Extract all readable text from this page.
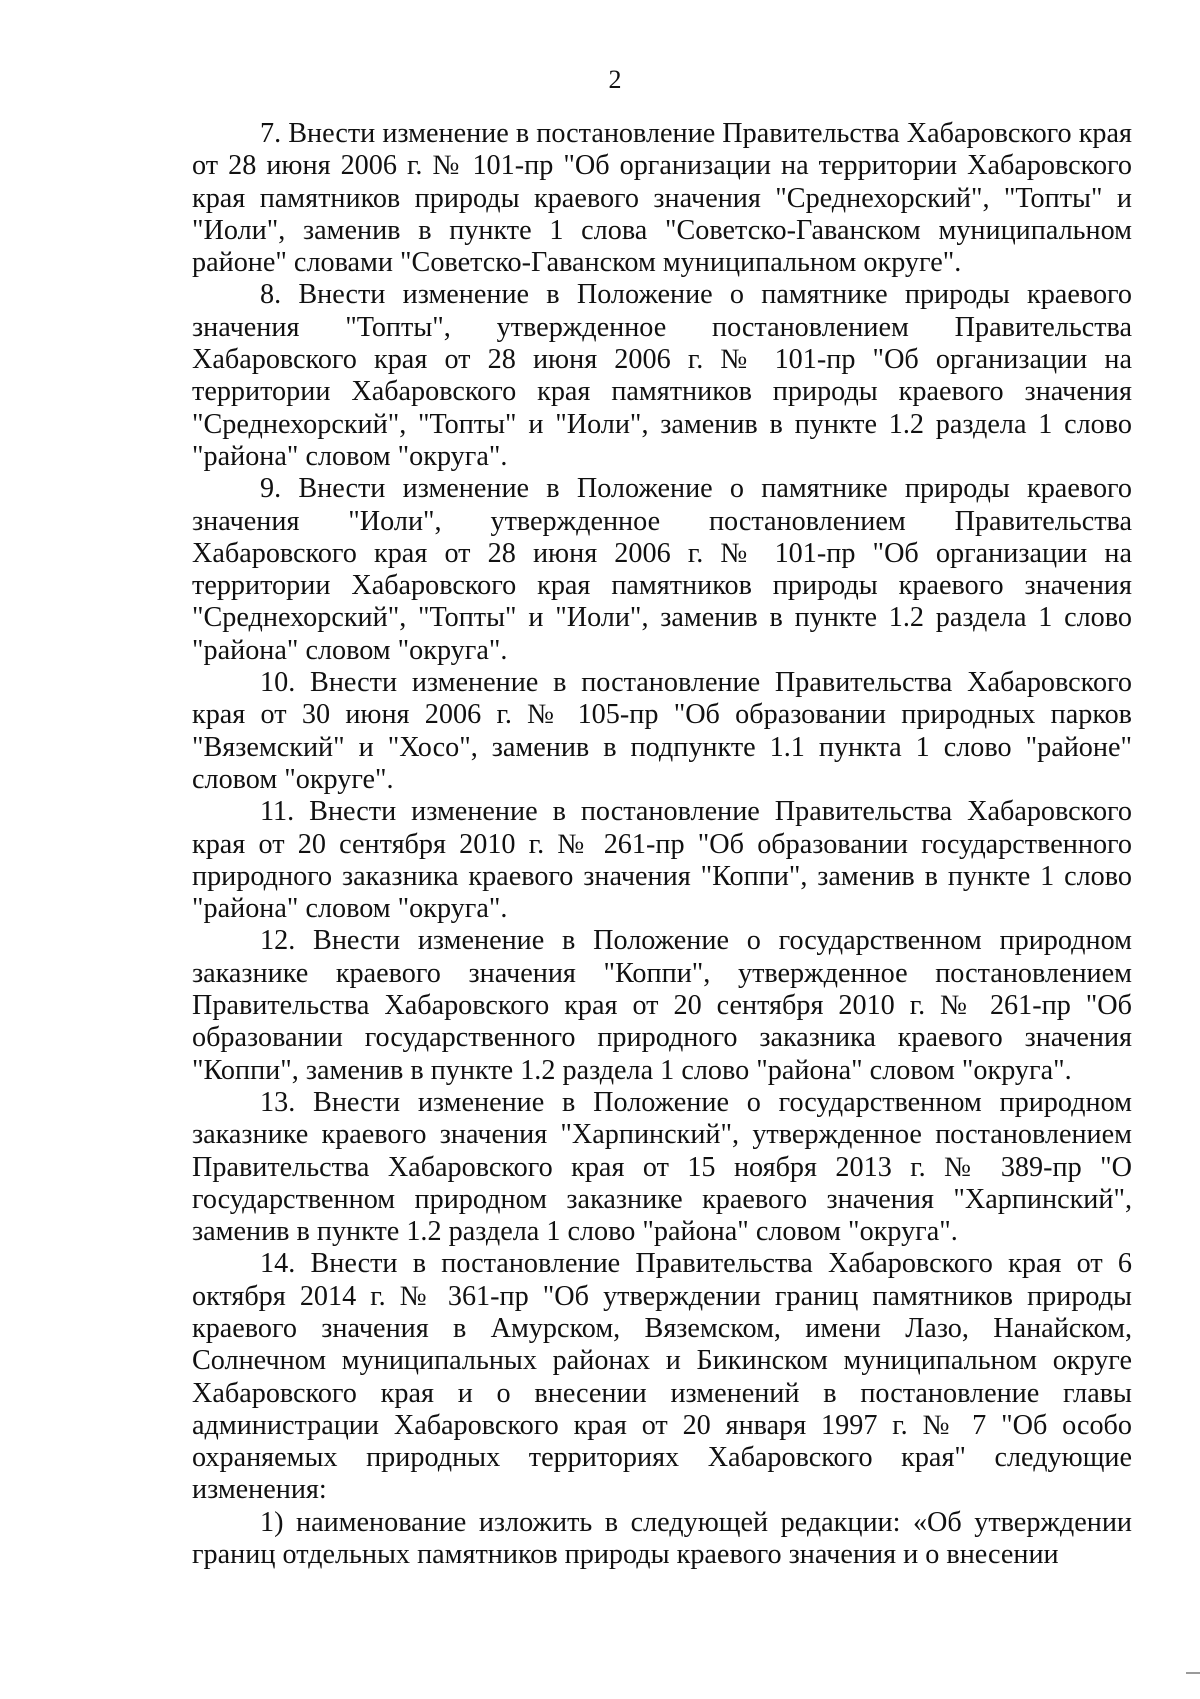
2

7. Внести изменение в постановление Правительства Хабаровского края от 28 июня 2006 г. № 101-пр "Об организации на территории Хабаровского края памятников природы краевого значения "Среднехорский", "Топты" и "Иоли", заменив в пункте 1 слова "Советско-Гаванском муниципальном районе" словами "Советско-Гаванском муниципальном округе".

8. Внести изменение в Положение о памятнике природы краевого значения "Топты", утвержденное постановлением Правительства Хабаровского края от 28 июня 2006 г. № 101-пр "Об организации на территории Хабаровского края памятников природы краевого значения "Среднехорский", "Топты" и "Иоли", заменив в пункте 1.2 раздела 1 слово "района" словом "округа".

9. Внести изменение в Положение о памятнике природы краевого значения "Иоли", утвержденное постановлением Правительства Хабаровского края от 28 июня 2006 г. № 101-пр "Об организации на территории Хабаровского края памятников природы краевого значения "Среднехорский", "Топты" и "Иоли", заменив в пункте 1.2 раздела 1 слово "района" словом "округа".

10. Внести изменение в постановление Правительства Хабаровского края от 30 июня 2006 г. № 105-пр "Об образовании природных парков "Вяземский" и "Хосо", заменив в подпункте 1.1 пункта 1 слово "районе" словом "округе".

11. Внести изменение в постановление Правительства Хабаровского края от 20 сентября 2010 г. № 261-пр "Об образовании государственного природного заказника краевого значения "Коппи", заменив в пункте 1 слово "района" словом "округа".

12. Внести изменение в Положение о государственном природном заказнике краевого значения "Коппи", утвержденное постановлением Правительства Хабаровского края от 20 сентября 2010 г. № 261-пр "Об образовании государственного природного заказника краевого значения "Коппи", заменив в пункте 1.2 раздела 1 слово "района" словом "округа".

13. Внести изменение в Положение о государственном природном заказнике краевого значения "Харпинский", утвержденное постановлением Правительства Хабаровского края от 15 ноября 2013 г. № 389-пр "О государственном природном заказнике краевого значения "Харпинский", заменив в пункте 1.2 раздела 1 слово "района" словом "округа".

14. Внести в постановление Правительства Хабаровского края от 6 октября 2014 г. № 361-пр "Об утверждении границ памятников природы краевого значения в Амурском, Вяземском, имени Лазо, Нанайском, Солнечном муниципальных районах и Бикинском муниципальном округе Хабаровского края и о внесении изменений в постановление главы администрации Хабаровского края от 20 января 1997 г. № 7 "Об особо охраняемых природных территориях Хабаровского края" следующие изменения:

1) наименование изложить в следующей редакции: «Об утверждении границ отдельных памятников природы краевого значения и о внесении
